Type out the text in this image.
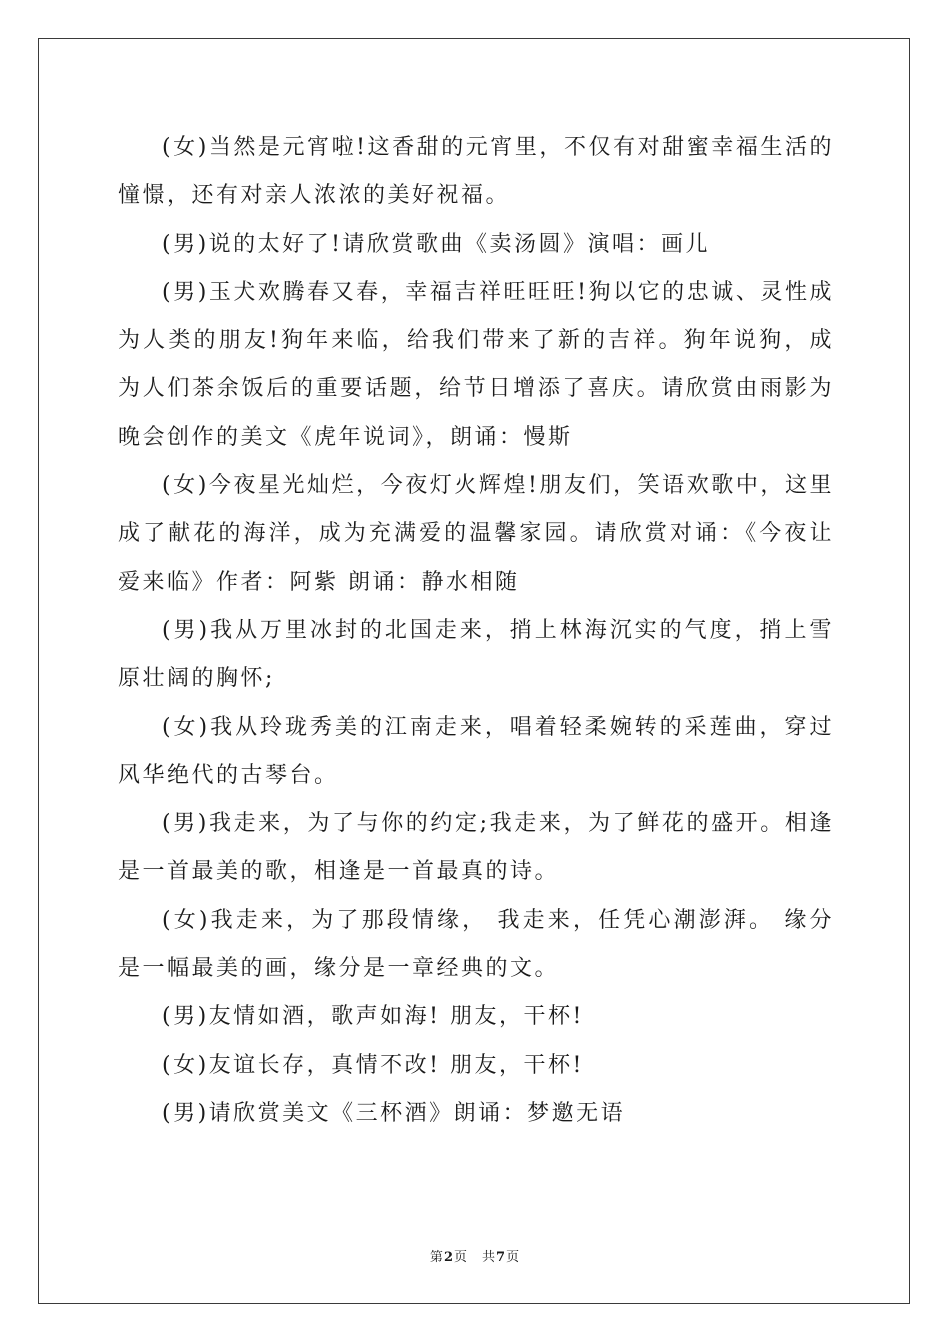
(女)当然是元宵啦!这香甜的元宵里，不仅有对甜蜜幸福生活的憧憬，还有对亲人浓浓的美好祝福。

(男)说的太好了!请欣赏歌曲《卖汤圆》演唱：画儿

(男)玉犬欢腾春又春，幸福吉祥旺旺旺!狗以它的忠诚、灵性成为人类的朋友!狗年来临，给我们带来了新的吉祥。狗年说狗，成为人们茶余饭后的重要话题，给节日增添了喜庆。请欣赏由雨影为晚会创作的美文《虎年说词》，朗诵：慢斯

(女)今夜星光灿烂，今夜灯火辉煌!朋友们，笑语欢歌中，这里成了献花的海洋，成为充满爱的温馨家园。请欣赏对诵：《今夜让爱来临》作者：阿紫 朗诵：静水相随

(男)我从万里冰封的北国走来，捎上林海沉实的气度，捎上雪原壮阔的胸怀;

(女)我从玲珑秀美的江南走来，唱着轻柔婉转的采莲曲，穿过风华绝代的古琴台。

(男)我走来，为了与你的约定;我走来，为了鲜花的盛开。相逢是一首最美的歌，相逢是一首最真的诗。

(女)我走来，为了那段情缘， 我走来，任凭心潮澎湃。 缘分是一幅最美的画，缘分是一章经典的文。

(男)友情如酒，歌声如海! 朋友，干杯!

(女)友谊长存，真情不改! 朋友，干杯!

(男)请欣赏美文《三杯酒》朗诵：梦邀无语

第2页 共7页
